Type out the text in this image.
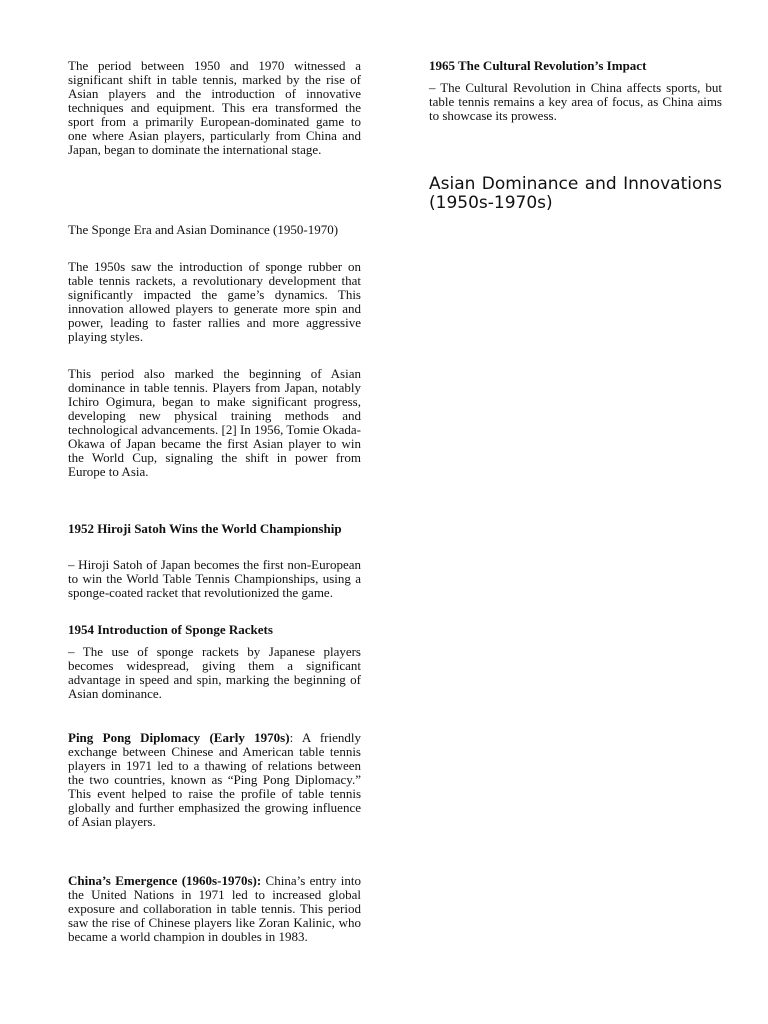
The period between 1950 and 1970 witnessed a significant shift in table tennis, marked by the rise of Asian players and the introduction of innovative techniques and equipment. This era transformed the sport from a primarily European-dominated game to one where Asian players, particularly from China and Japan, began to dominate the international stage.

The Sponge Era and Asian Dominance (1950-1970)

The 1950s saw the introduction of sponge rubber on table tennis rackets, a revolutionary development that significantly impacted the game’s dynamics. This innovation allowed players to generate more spin and power, leading to faster rallies and more aggressive playing styles.

This period also marked the beginning of Asian dominance in table tennis. Players from Japan, notably Ichiro Ogimura, began to make significant progress, developing new physical training methods and technological advancements. [2] In 1956, Tomie Okada-Okawa of Japan became the first Asian player to win the World Cup, signaling the shift in power from Europe to Asia.

1952 Hiroji Satoh Wins the World Championship

– Hiroji Satoh of Japan becomes the first non-European to win the World Table Tennis Championships, using a sponge-coated racket that revolutionized the game.

1954 Introduction of Sponge Rackets

– The use of sponge rackets by Japanese players becomes widespread, giving them a significant advantage in speed and spin, marking the beginning of Asian dominance.

Ping Pong Diplomacy (Early 1970s): A friendly exchange between Chinese and American table tennis players in 1971 led to a thawing of relations between the two countries, known as “Ping Pong Diplomacy.” This event helped to raise the profile of table tennis globally and further emphasized the growing influence of Asian players.

China’s Emergence (1960s-1970s): China’s entry into the United Nations in 1971 led to increased global exposure and collaboration in table tennis. This period saw the rise of Chinese players like Zoran Kalinic, who became a world champion in doubles in 1983.

1965 The Cultural Revolution’s Impact

– The Cultural Revolution in China affects sports, but table tennis remains a key area of focus, as China aims to showcase its prowess.

Asian Dominance and Innovations (1950s-1970s)
